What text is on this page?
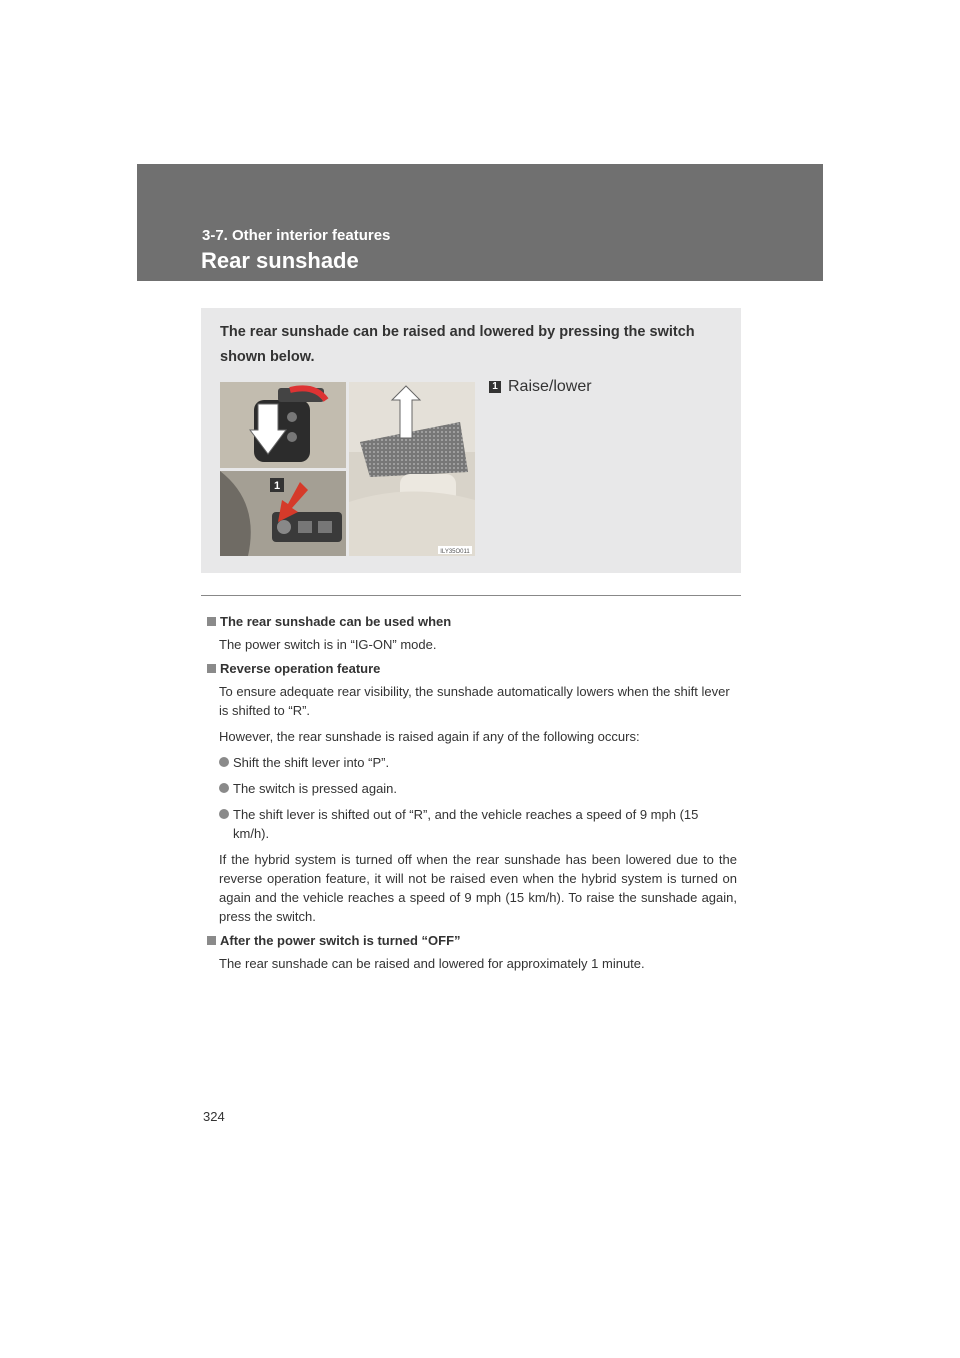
3-7. Other interior features
Rear sunshade
The rear sunshade can be raised and lowered by pressing the switch shown below.
1
ILY35O011
1 Raise/lower
The rear sunshade can be used when
The power switch is in “IG-ON” mode.
Reverse operation feature
To ensure adequate rear visibility, the sunshade automatically lowers when the shift lever is shifted to “R”.
However, the rear sunshade is raised again if any of the following occurs:
Shift the shift lever into “P”.
The switch is pressed again.
The shift lever is shifted out of “R”, and the vehicle reaches a speed of 9 mph (15 km/h).
If the hybrid system is turned off when the rear sunshade has been lowered due to the reverse operation feature, it will not be raised even when the hybrid system is turned on again and the vehicle reaches a speed of 9 mph (15 km/h). To raise the sunshade again, press the switch.
After the power switch is turned “OFF”
The rear sunshade can be raised and lowered for approximately 1 minute.
324
